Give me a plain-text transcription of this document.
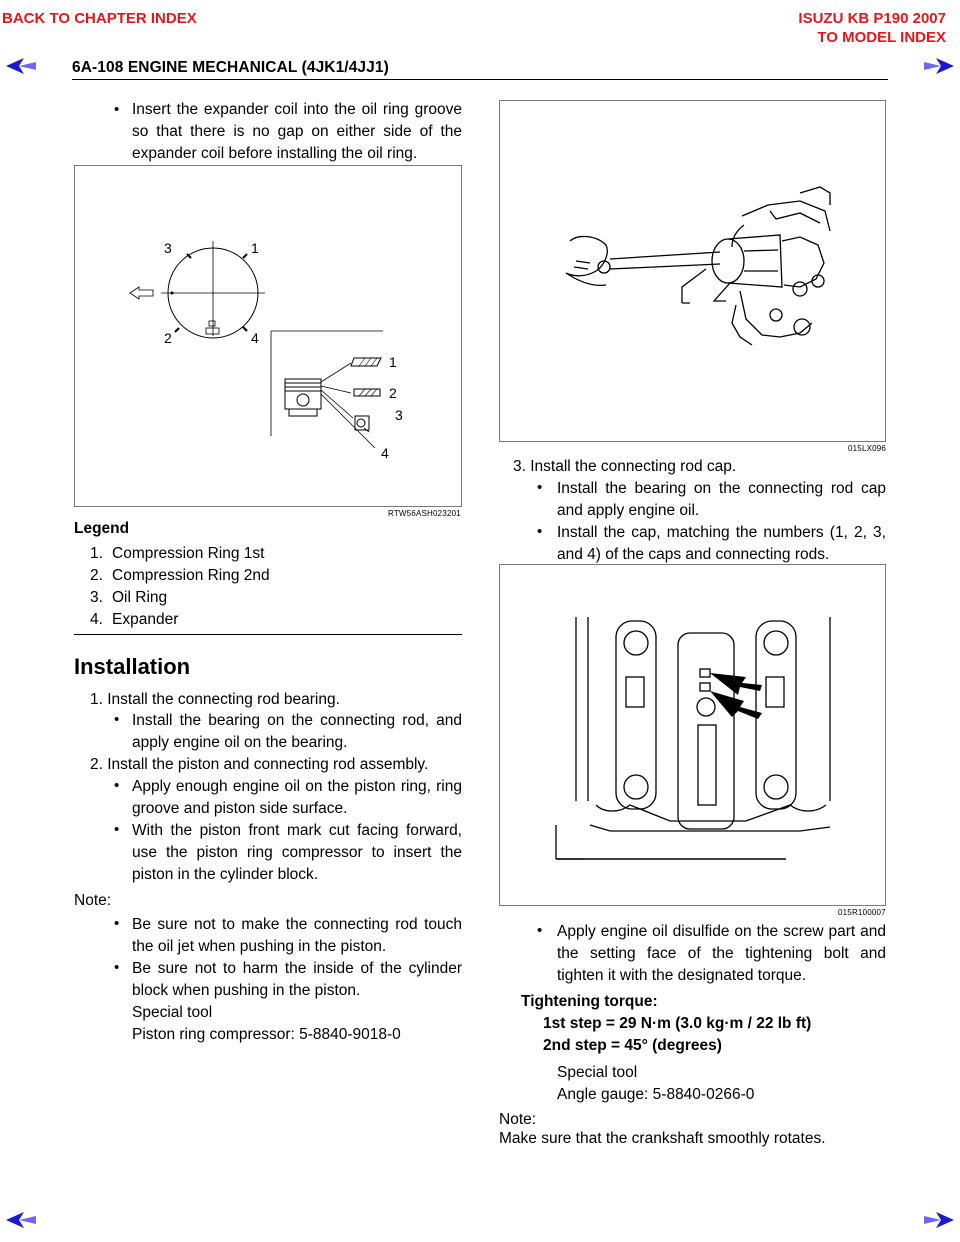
BACK TO CHAPTER INDEX	ISUZU KB P190 2007
TO MODEL INDEX
6A-108 ENGINE MECHANICAL (4JK1/4JJ1)
• Insert the expander coil into the oil ring groove so that there is no gap on either side of the expander coil before installing the oil ring.
3	1
2	4
1
2
3
4
RTW56ASH023201
Legend
1. Compression Ring 1st
2. Compression Ring 2nd
3. Oil Ring
4. Expander
Installation
1. Install the connecting rod bearing.
• Install the bearing on the connecting rod, and apply engine oil on the bearing.
2. Install the piston and connecting rod assembly.
• Apply enough engine oil on the piston ring, ring groove and piston side surface.
• With the piston front mark cut facing forward, use the piston ring compressor to insert the piston in the cylinder block.
Note:
• Be sure not to make the connecting rod touch the oil jet when pushing in the piston.
• Be sure not to harm the inside of the cylinder block when pushing in the piston.
Special tool
Piston ring compressor: 5-8840-9018-0
015LX096
3. Install the connecting rod cap.
• Install the bearing on the connecting rod cap and apply engine oil.
• Install the cap, matching the numbers (1, 2, 3, and 4) of the caps and connecting rods.
015R100007
• Apply engine oil disulfide on the screw part and the setting face of the tightening bolt and tighten it with the designated torque.
Tightening torque:
1st step = 29 N·m (3.0 kg·m / 22 lb ft)
2nd step = 45° (degrees)
Special tool
Angle gauge: 5-8840-0266-0
Note:
Make sure that the crankshaft smoothly rotates.
